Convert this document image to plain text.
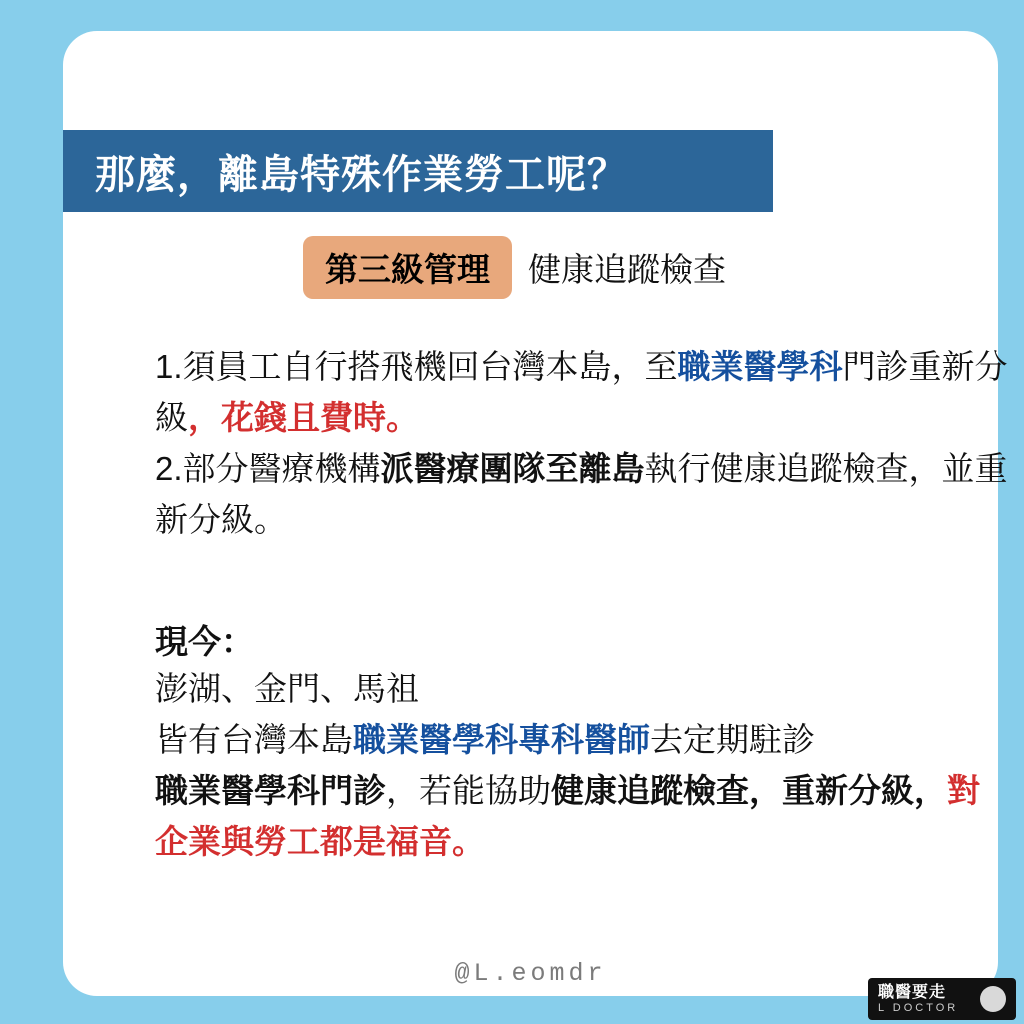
那麼，離島特殊作業勞工呢？
第三級管理	健康追蹤檢查
1.須員工自行搭飛機回台灣本島，至職業醫學科門診重新分級，花錢且費時。
2.部分醫療機構派醫療團隊至離島執行健康追蹤檢查，並重新分級。
現今：
澎湖、金門、馬祖
皆有台灣本島職業醫學科專科醫師去定期駐診
職業醫學科門診，若能協助健康追蹤檢查，重新分級，對企業與勞工都是福音。
@L.eomdr
職醫要走
L DOCTOR
